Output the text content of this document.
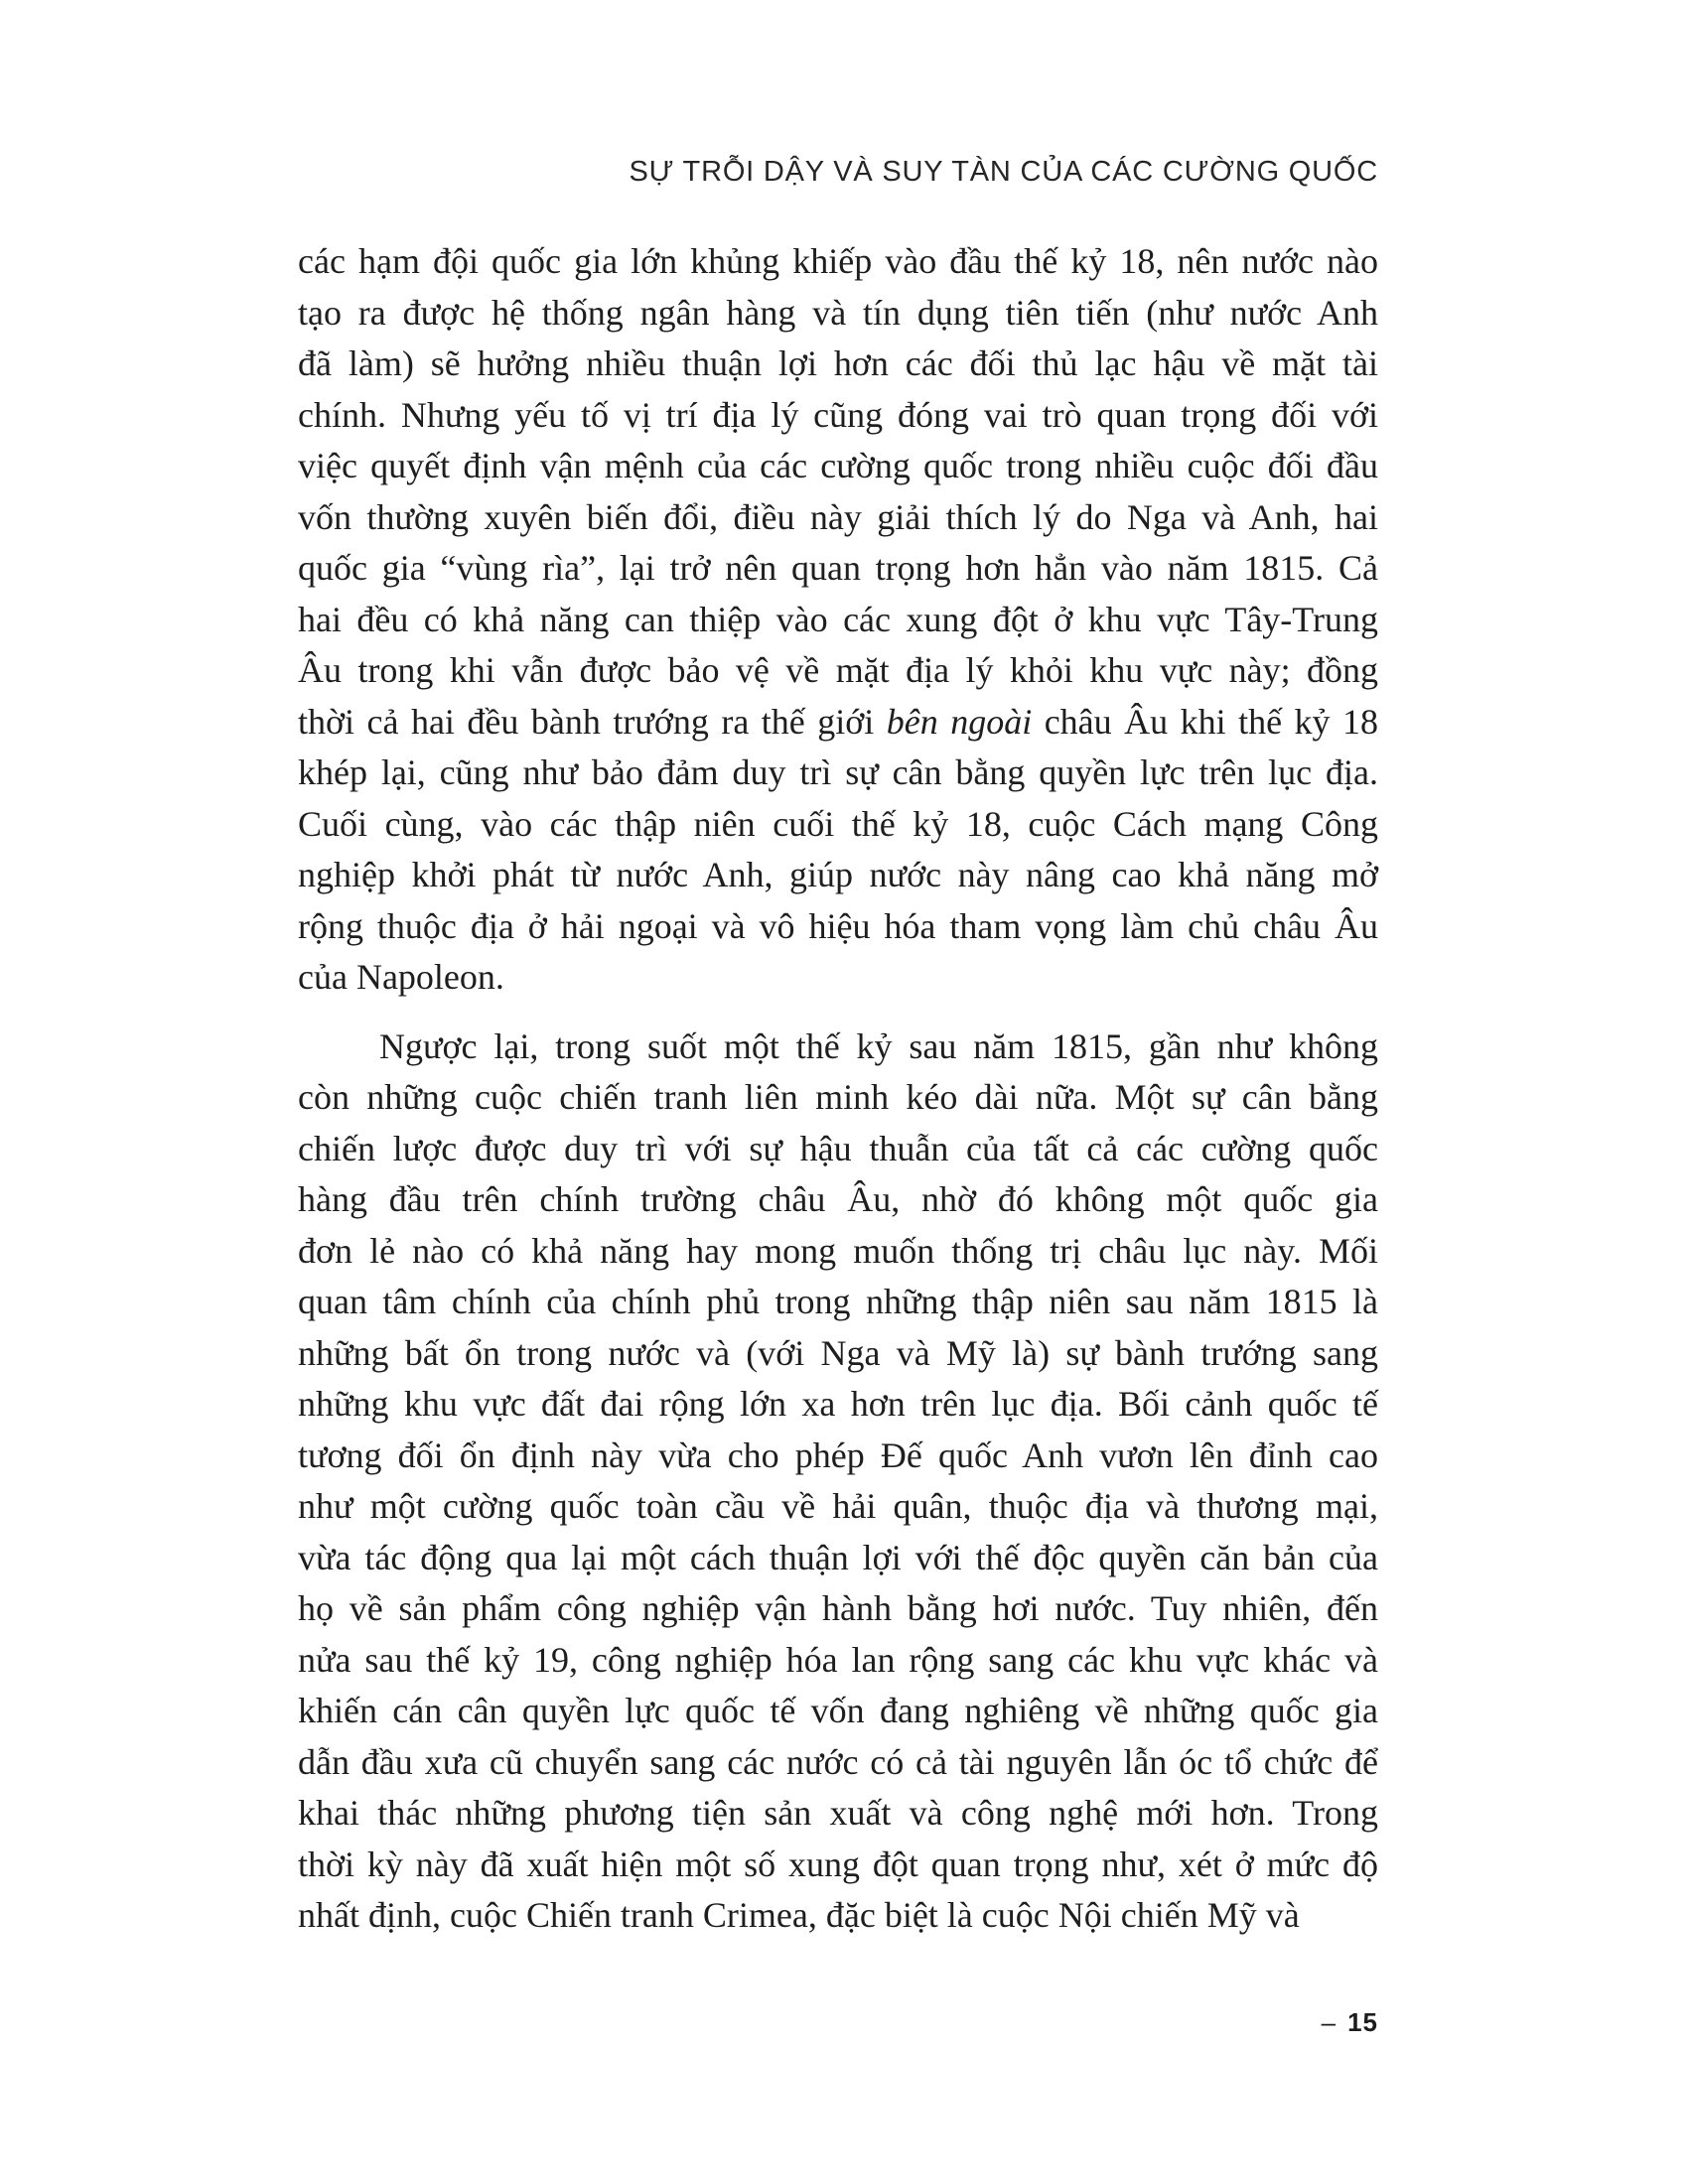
SỰ TRỖI DẬY VÀ SUY TÀN CỦA CÁC CƯỜNG QUỐC
các hạm đội quốc gia lớn khủng khiếp vào đầu thế kỷ 18, nên nước nào
tạo ra được hệ thống ngân hàng và tín dụng tiên tiến (như nước Anh
đã làm) sẽ hưởng nhiều thuận lợi hơn các đối thủ lạc hậu về mặt tài
chính. Nhưng yếu tố vị trí địa lý cũng đóng vai trò quan trọng đối với
việc quyết định vận mệnh của các cường quốc trong nhiều cuộc đối đầu
vốn thường xuyên biến đổi, điều này giải thích lý do Nga và Anh, hai
quốc gia “vùng rìa”, lại trở nên quan trọng hơn hẳn vào năm 1815. Cả
hai đều có khả năng can thiệp vào các xung đột ở khu vực Tây-Trung
Âu trong khi vẫn được bảo vệ về mặt địa lý khỏi khu vực này; đồng
thời cả hai đều bành trướng ra thế giới bên ngoài châu Âu khi thế kỷ 18
khép lại, cũng như bảo đảm duy trì sự cân bằng quyền lực trên lục địa.
Cuối cùng, vào các thập niên cuối thế kỷ 18, cuộc Cách mạng Công
nghiệp khởi phát từ nước Anh, giúp nước này nâng cao khả năng mở
rộng thuộc địa ở hải ngoại và vô hiệu hóa tham vọng làm chủ châu Âu
của Napoleon.
Ngược lại, trong suốt một thế kỷ sau năm 1815, gần như không
còn những cuộc chiến tranh liên minh kéo dài nữa. Một sự cân bằng
chiến lược được duy trì với sự hậu thuẫn của tất cả các cường quốc
hàng đầu trên chính trường châu Âu, nhờ đó không một quốc gia
đơn lẻ nào có khả năng hay mong muốn thống trị châu lục này. Mối
quan tâm chính của chính phủ trong những thập niên sau năm 1815 là
những bất ổn trong nước và (với Nga và Mỹ là) sự bành trướng sang
những khu vực đất đai rộng lớn xa hơn trên lục địa. Bối cảnh quốc tế
tương đối ổn định này vừa cho phép Đế quốc Anh vươn lên đỉnh cao
như một cường quốc toàn cầu về hải quân, thuộc địa và thương mại,
vừa tác động qua lại một cách thuận lợi với thế độc quyền căn bản của
họ về sản phẩm công nghiệp vận hành bằng hơi nước. Tuy nhiên, đến
nửa sau thế kỷ 19, công nghiệp hóa lan rộng sang các khu vực khác và
khiến cán cân quyền lực quốc tế vốn đang nghiêng về những quốc gia
dẫn đầu xưa cũ chuyển sang các nước có cả tài nguyên lẫn óc tổ chức để
khai thác những phương tiện sản xuất và công nghệ mới hơn. Trong
thời kỳ này đã xuất hiện một số xung đột quan trọng như, xét ở mức độ
nhất định, cuộc Chiến tranh Crimea, đặc biệt là cuộc Nội chiến Mỹ và
– 15
